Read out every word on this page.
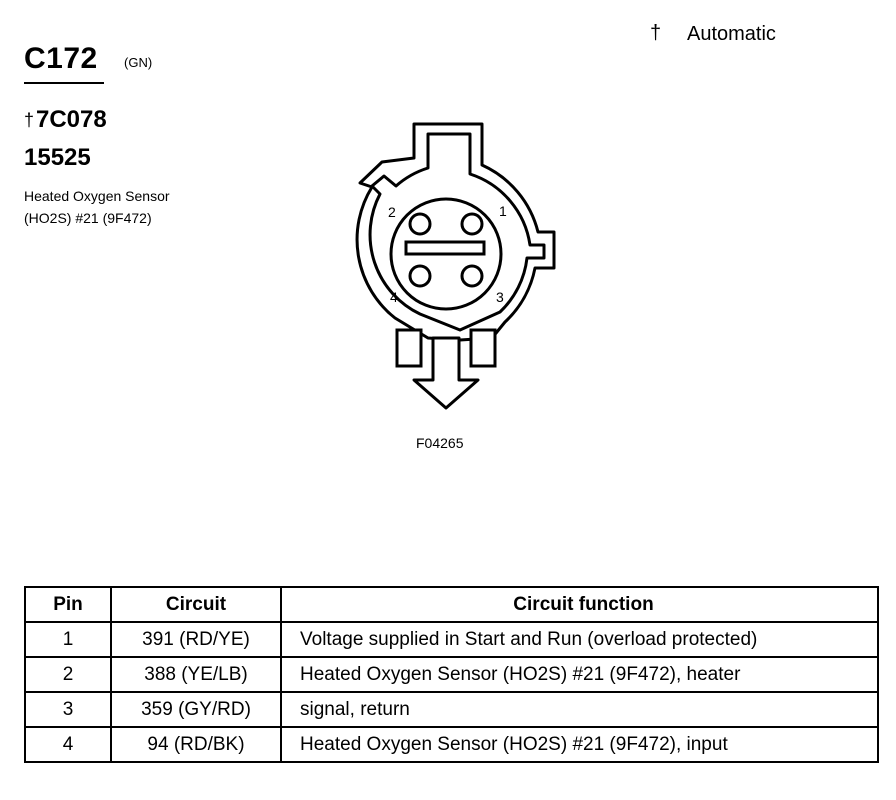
† Automatic
C172 (GN)
† 7C078
15525
Heated Oxygen Sensor
(HO2S) #21 (9F472)	2	1
4	3
F04265
Pin	Circuit	Circuit function
1	391 (RD/YE)	Voltage supplied in Start and Run (overload protected)
2	388 (YE/LB)	Heated Oxygen Sensor (HO2S) #21 (9F472), heater
3	359 (GY/RD)	signal, return
4	94 (RD/BK)	Heated Oxygen Sensor (HO2S) #21 (9F472), input
